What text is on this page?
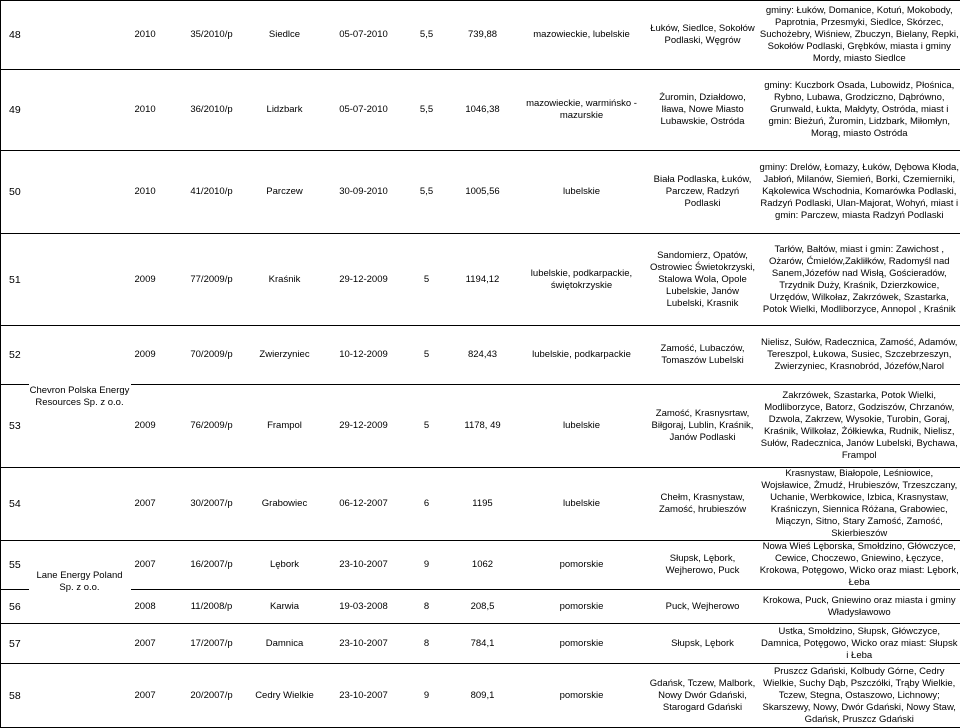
48		2010	35/2010/p	Siedlce	05-07-2010	5,5	739,88	mazowieckie, lubelskie	Łuków, Siedlce, Sokołów Podlaski, Węgrów	gminy: Łuków, Domanice, Kotuń, Mokobody, Paprotnia, Przesmyki, Siedlce, Skórzec, Suchożebry, Wiśniew, Zbuczyn, Bielany, Repki, Sokołów Podlaski, Grębków, miasta i gminy Mordy, miasto Siedlce
49		2010	36/2010/p	Lidzbark	05-07-2010	5,5	1046,38	mazowieckie, warmińsko - mazurskie	Żuromin, Działdowo, Iława, Nowe Miasto Lubawskie, Ostróda	gminy: Kuczbork Osada, Lubowidz, Płośnica, Rybno, Lubawa, Grodziczno, Dąbrówno, Grunwald, Łukta, Małdyty, Ostróda, miast i gmin: Bieżuń, Żuromin, Lidzbark, Miłomłyn, Morąg, miasto Ostróda
50		2010	41/2010/p	Parczew	30-09-2010	5,5	1005,56	lubelskie	Biała Podlaska, Łuków, Parczew, Radzyń Podlaski	gminy: Drelów, Łomazy, Łuków, Dębowa Kłoda, Jabłoń, Milanów, Siemień, Borki, Czemierniki, Kąkolewica Wschodnia, Komarówka Podlaski, Radzyń Podlaski, Ulan-Majorat, Wohyń, miast i gmin: Parczew, miasta Radzyń Podlaski
51		2009	77/2009/p	Kraśnik	29-12-2009	5	1194,12	lubelskie, podkarpackie, świętokrzyskie	Sandomierz, Opatów, Ostrowiec Świetokrzyski, Stalowa Wola, Opole Lubelskie, Janów Lubelski, Krasnik	Tarłów, Bałtów, miast i gmin: Zawichost , Ożarów, Ćmielów,Zakliłków, Radomyśl nad Sanem,Józefów nad Wisłą, Gościeradów, Trzydnik Duży, Kraśnik, Dzierzkowice, Urzędów, Wilkołaz, Zakrzówek, Szastarka, Potok Wielki, Modliborzyce, Annopol , Kraśnik
52	Chevron Polska Energy Resources Sp. z o.o.	2009	70/2009/p	Zwierzyniec	10-12-2009	5	824,43	lubelskie, podkarpackie	Zamość, Lubaczów, Tomaszów Lubelski	Nielisz, Sułów, Radecznica, Zamość, Adamów, Tereszpol, Łukowa, Susiec, Szczebrzeszyn, Zwierzyniec, Krasnobród, Józefów,Narol
53		2009	76/2009/p	Frampol	29-12-2009	5	1178, 49	lubelskie	Zamość, Krasnysrtaw, Biłgoraj, Lublin, Kraśnik, Janów Podlaski	Zakrzówek, Szastarka, Potok Wielki, Modliborzyce, Batorz, Godziszów, Chrzanów, Dzwola, Zakrzew, Wysokie, Turobin, Goraj, Kraśnik, Wilkołaz, Żółkiewka, Rudnik, Nielisz, Sułów, Radecznica, Janów Lubelski, Bychawa, Frampol
54		2007	30/2007/p	Grabowiec	06-12-2007	6	1195	lubelskie	Chełm, Krasnystaw, Zamość, hrubieszów	Krasnystaw, Białopole, Leśniowice, Wojsławice, Żmudź, Hrubieszów, Trzeszczany, Uchanie, Werbkowice, Izbica, Krasnystaw, Kraśniczyn, Siennica Różana, Grabowiec, Miączyn, Sitno, Stary Zamość, Zamość, Skierbieszów
55	Lane Energy Poland Sp. z o.o.	2007	16/2007/p	Lębork	23-10-2007	9	1062	pomorskie	Słupsk, Lębork, Wejherowo, Puck	Nowa Wieś Lęborska, Smołdzino, Główczyce, Cewice, Choczewo, Gniewino, Łęczyce, Krokowa, Potęgowo, Wicko oraz miast: Lębork, Łeba
56		2008	11/2008/p	Karwia	19-03-2008	8	208,5	pomorskie	Puck, Wejherowo	Krokowa, Puck, Gniewino oraz miasta i gminy Władysławowo
57		2007	17/2007/p	Damnica	23-10-2007	8	784,1	pomorskie	Słupsk, Lębork	Ustka, Smołdzino, Słupsk, Główczyce, Damnica, Potęgowo, Wicko oraz miast: Słupsk i Łeba
58		2007	20/2007/p	Cedry Wielkie	23-10-2007	9	809,1	pomorskie	Gdańsk, Tczew, Malbork, Nowy Dwór Gdański, Starogard Gdański	Pruszcz Gdański, Kolbudy Górne, Cedry Wielkie, Suchy Dąb, Pszczółki, Trąby Wielkie, Tczew, Stegna, Ostaszowo, Lichnowy; Skarszewy, Nowy, Dwór Gdański, Nowy Staw, Gdańsk, Pruszcz Gdański
